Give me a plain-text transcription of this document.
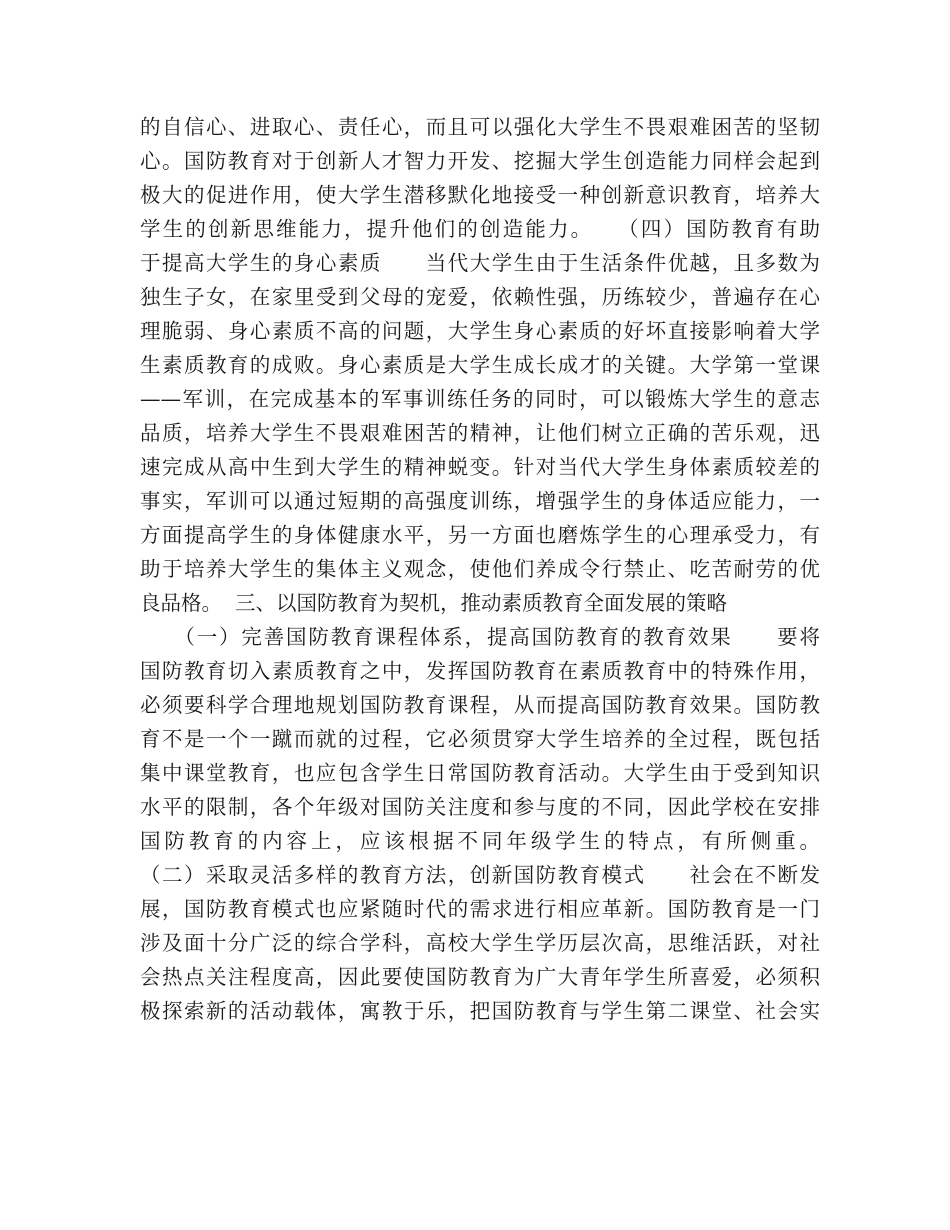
的自信心、进取心、责任心，而且可以强化大学生不畏艰难困苦的坚韧
心。国防教育对于创新人才智力开发、挖掘大学生创造能力同样会起到
极大的促进作用，使大学生潜移默化地接受一种创新意识教育，培养大
学生的创新思维能力，提升他们的创造能力。　　（四）国防教育有助
于提高大学生的身心素质　　当代大学生由于生活条件优越，且多数为
独生子女，在家里受到父母的宠爱，依赖性强，历练较少，普遍存在心
理脆弱、身心素质不高的问题，大学生身心素质的好坏直接影响着大学
生素质教育的成败。身心素质是大学生成长成才的关键。大学第一堂课
——军训，在完成基本的军事训练任务的同时，可以锻炼大学生的意志
品质，培养大学生不畏艰难困苦的精神，让他们树立正确的苦乐观，迅
速完成从高中生到大学生的精神蜕变。针对当代大学生身体素质较差的
事实，军训可以通过短期的高强度训练，增强学生的身体适应能力，一
方面提高学生的身体健康水平，另一方面也磨炼学生的心理承受力，有
助于培养大学生的集体主义观念，使他们养成令行禁止、吃苦耐劳的优
良品格。  三、以国防教育为契机，推动素质教育全面发展的策略
　　（一）完善国防教育课程体系，提高国防教育的教育效果　　要将
国防教育切入素质教育之中，发挥国防教育在素质教育中的特殊作用，
必须要科学合理地规划国防教育课程，从而提高国防教育效果。国防教
育不是一个一蹴而就的过程，它必须贯穿大学生培养的全过程，既包括
集中课堂教育，也应包含学生日常国防教育活动。大学生由于受到知识
水平的限制，各个年级对国防关注度和参与度的不同，因此学校在安排
国防教育的内容上，应该根据不同年级学生的特点，有所侧重。
（二）采取灵活多样的教育方法，创新国防教育模式　　社会在不断发
展，国防教育模式也应紧随时代的需求进行相应革新。国防教育是一门
涉及面十分广泛的综合学科，高校大学生学历层次高，思维活跃，对社
会热点关注程度高，因此要使国防教育为广大青年学生所喜爱，必须积
极探索新的活动载体，寓教于乐，把国防教育与学生第二课堂、社会实
